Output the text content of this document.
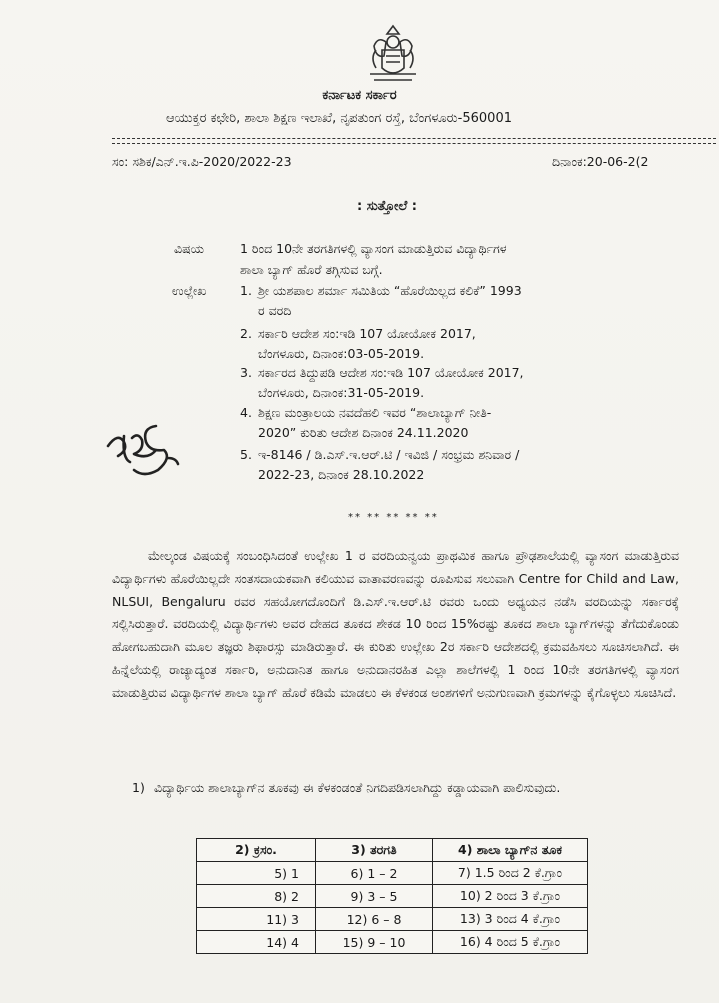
ಕರ್ನಾಟಕ ಸರ್ಕಾರ
ಆಯುಕ್ತರ ಕಛೇರಿ, ಶಾಲಾ ಶಿಕ್ಷಣ ಇಲಾಖೆ, ನೃಪತುಂಗ ರಸ್ತೆ, ಬೆಂಗಳೂರು-560001
ಸಂ: ಸಶಿಕ/ಎನ್.ಇ.ಪಿ-2020/2022-23	ದಿನಾಂಕ:20-06-2(2
: ಸುತ್ತೋಲೆ :
ವಿಷಯ	1 ರಿಂದ 10ನೇ ತರಗತಿಗಳಲ್ಲಿ ವ್ಯಾಸಂಗ ಮಾಡುತ್ತಿರುವ ವಿದ್ಯಾರ್ಥಿಗಳ
ಶಾಲಾ ಬ್ಯಾಗ್ ಹೊರೆ ತಗ್ಗಿಸುವ ಬಗ್ಗೆ.
ಉಲ್ಲೇಖ	1. ಶ್ರೀ ಯಶಪಾಲ ಶರ್ಮಾ ಸಮಿತಿಯ “ಹೊರೆಯಿಲ್ಲದ ಕಲಿಕೆ” 1993
ರ ವರದಿ
2. ಸರ್ಕಾರಿ ಆದೇಶ ಸಂ:ಇಡಿ 107 ಯೋಯೋಕ 2017,
ಬೆಂಗಳೂರು, ದಿನಾಂಕ:03-05-2019.
3. ಸರ್ಕಾರದ ತಿದ್ದುಪಡಿ ಆದೇಶ ಸಂ:ಇಡಿ 107 ಯೋಯೋಕ 2017,
ಬೆಂಗಳೂರು, ದಿನಾಂಕ:31-05-2019.
4. ಶಿಕ್ಷಣ ಮಂತ್ರಾಲಯ ನವದೆಹಲಿ ಇವರ “ಶಾಲಾಬ್ಯಾಗ್ ನೀತಿ-
2020” ಕುರಿತು ಆದೇಶ ದಿನಾಂಕ 24.11.2020
5. ಇ-8146 / ಡಿ.ಎಸ್.ಇ.ಆರ್.ಟಿ / ಇವಿಜಿ / ಸಂಭ್ರಮ ಶನಿವಾರ /
2022-23, ದಿನಾಂಕ 28.10.2022
** ** ** ** **
ಮೇಲ್ಕಂಡ ವಿಷಯಕ್ಕೆ ಸಂಬಂಧಿಸಿದಂತೆ ಉಲ್ಲೇಖ 1 ರ ವರದಿಯನ್ವಯ ಪ್ರಾಥಮಿಕ ಹಾಗೂ ಪ್ರೌಢಶಾಲೆಯಲ್ಲಿ ವ್ಯಾಸಂಗ ಮಾಡುತ್ತಿರುವ ವಿದ್ಯಾರ್ಥಿಗಳು ಹೊರೆಯಿಲ್ಲದೇ ಸಂತಸದಾಯಕವಾಗಿ ಕಲಿಯುವ ವಾತಾವರಣವನ್ನು ರೂಪಿಸುವ ಸಲುವಾಗಿ Centre for Child and Law, NLSUI, Bengaluru ರವರ ಸಹಯೋಗದೊಂದಿಗೆ ಡಿ.ಎಸ್.ಇ.ಆರ್.ಟಿ ರವರು ಒಂದು ಅಧ್ಯಯನ ನಡೆಸಿ ವರದಿಯನ್ನು ಸರ್ಕಾರಕ್ಕೆ ಸಲ್ಲಿಸಿರುತ್ತಾರೆ. ವರದಿಯಲ್ಲಿ ವಿದ್ಯಾರ್ಥಿಗಳು ಅವರ ದೇಹದ ತೂಕದ ಶೇಕಡ 10 ರಿಂದ 15%ರಷ್ಟು ತೂಕದ ಶಾಲಾ ಬ್ಯಾಗ್‌ಗಳನ್ನು ತೆಗೆದುಕೊಂಡು ಹೋಗಬಹುದಾಗಿ ಮೂಲ ತಜ್ಞರು ಶಿಫಾರಸ್ಸು ಮಾಡಿರುತ್ತಾರೆ. ಈ ಕುರಿತು ಉಲ್ಲೇಖ 2ರ ಸರ್ಕಾರಿ ಆದೇಶದಲ್ಲಿ ಕ್ರಮವಹಿಸಲು ಸೂಚಿಸಲಾಗಿದೆ. ಈ ಹಿನ್ನೆಲೆಯಲ್ಲಿ ರಾಜ್ಯಾದ್ಯಂತ ಸರ್ಕಾರಿ, ಅನುದಾನಿತ ಹಾಗೂ ಅನುದಾನರಹಿತ ಎಲ್ಲಾ ಶಾಲೆಗಳಲ್ಲಿ 1 ರಿಂದ 10ನೇ ತರಗತಿಗಳಲ್ಲಿ ವ್ಯಾಸಂಗ ಮಾಡುತ್ತಿರುವ ವಿದ್ಯಾರ್ಥಿಗಳ ಶಾಲಾ ಬ್ಯಾಗ್ ಹೊರೆ ಕಡಿಮೆ ಮಾಡಲು ಈ ಕೆಳಕಂಡ ಅಂಶಗಳಿಗೆ ಅನುಗುಣವಾಗಿ ಕ್ರಮಗಳನ್ನು ಕೈಗೊಳ್ಳಲು ಸೂಚಿಸಿದೆ.
1) ವಿದ್ಯಾರ್ಥಿಯ ಶಾಲಾಬ್ಯಾಗ್‌ನ ತೂಕವು ಈ ಕೆಳಕಂಡಂತೆ ನಿಗದಿಪಡಿಸಲಾಗಿದ್ದು ಕಡ್ಡಾಯವಾಗಿ ಪಾಲಿಸುವುದು.
2) ಕ್ರಸಂ.	3) ತರಗತಿ	4) ಶಾಲಾ ಬ್ಯಾಗ್‌ನ ತೂಕ
5) 1	6) 1 – 2	7) 1.5 ರಿಂದ 2 ಕೆ.ಗ್ರಾಂ
8) 2	9) 3 – 5	10) 2 ರಿಂದ 3 ಕೆ.ಗ್ರಾಂ
11) 3	12) 6 – 8	13) 3 ರಿಂದ 4 ಕೆ.ಗ್ರಾಂ
14) 4	15) 9 – 10	16) 4 ರಿಂದ 5 ಕೆ.ಗ್ರಾಂ
